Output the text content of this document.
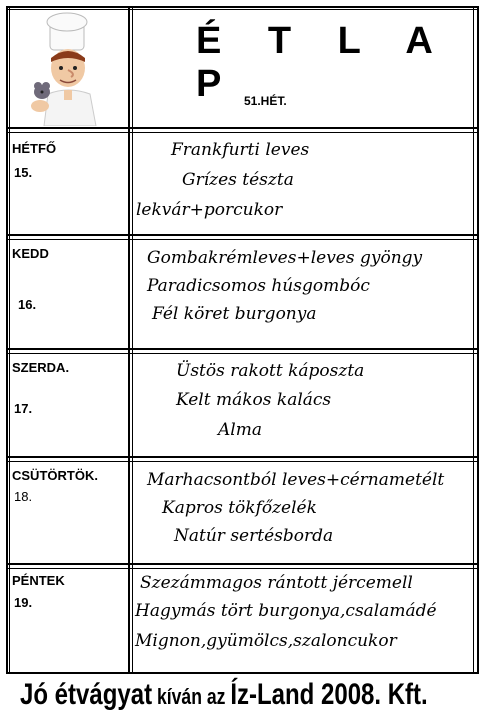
É T L A P 51.HÉT.
HÉTFŐ
15.
Frankfurti leves
Grízes tészta
lekvár+porcukor
KEDD
16.
Gombakrémleves+leves gyöngy
Paradicsomos húsgombóc
Fél köret burgonya
SZERDA.
17.
Üstös rakott káposzta
Kelt mákos kalács
Alma
CSÜTÖRTÖK.
18.
Marhacsontból leves+cérnametélt
Kapros tökfőzelék
Natúr sertésborda
PÉNTEK
19.
Szezámmagos rántott jércemell
Hagymás tört burgonya,csalamádé
Mignon,gyümölcs,szaloncukor
Jó étvágyat kíván az Íz-Land 2008. Kft.
